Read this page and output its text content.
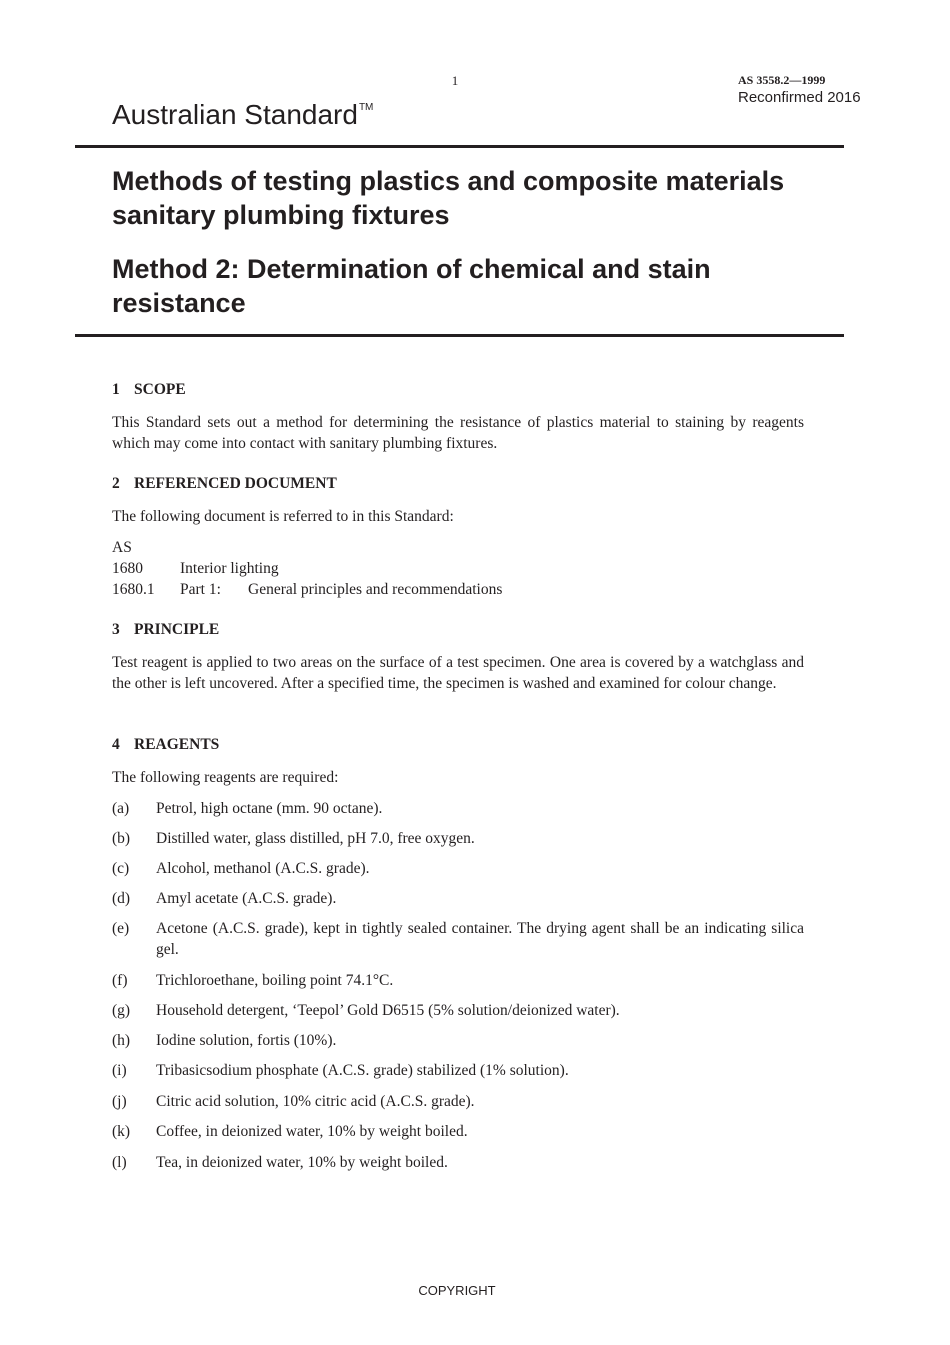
1	AS 3558.2—1999
Reconfirmed 2016
Australian Standard™
Methods of testing plastics and composite materials sanitary plumbing fixtures
Method 2: Determination of chemical and stain resistance
1 SCOPE

This Standard sets out a method for determining the resistance of plastics material to staining by reagents which may come into contact with sanitary plumbing fixtures.

2 REFERENCED DOCUMENT
The following document is referred to in this Standard:
AS
1680 Interior lighting
1680.1 Part 1: General principles and recommendations
3 PRINCIPLE

Test reagent is applied to two areas on the surface of a test specimen. One area is covered by a watchglass and the other is left uncovered. After a specified time, the specimen is washed and examined for colour change.

4 REAGENTS
The following reagents are required:
(a)	Petrol, high octane (mm. 90 octane).
(b)	Distilled water, glass distilled, pH 7.0, free oxygen.
(c)	Alcohol, methanol (A.C.S. grade).
(d)	Amyl acetate (A.C.S. grade).
(e)	Acetone (A.C.S. grade), kept in tightly sealed container. The drying agent shall be an indicating silica gel.
(f)	Trichloroethane, boiling point 74.1°C.
(g)	Household detergent, ‘Teepol’ Gold D6515 (5% solution/deionized water).
(h)	Iodine solution, fortis (10%).
(i)	Tribasicsodium phosphate (A.C.S. grade) stabilized (1% solution).
(j)	Citric acid solution, 10% citric acid (A.C.S. grade).
(k)	Coffee, in deionized water, 10% by weight boiled.
(l)	Tea, in deionized water, 10% by weight boiled.
COPYRIGHT
